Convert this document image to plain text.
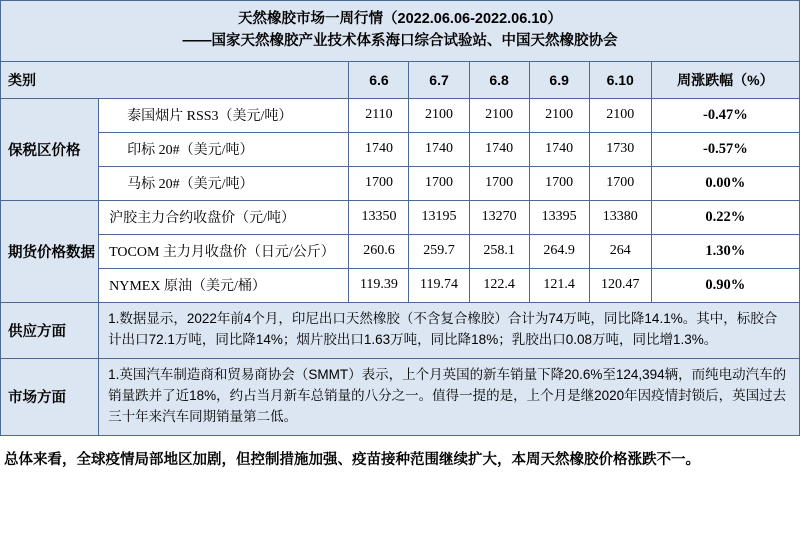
天然橡胶市场一周行情（2022.06.06-2022.06.10）
――国家天然橡胶产业技术体系海口综合试验站、中国天然橡胶协会							

类别		6.6	6.7	6.8	6.9	6.10	周涨跌幅（%）
保税区价格	泰国烟片 RSS3（美元/吨）	2110	2100	2100	2100	2100	-0.47%
	印标 20#（美元/吨）	1740	1740	1740	1740	1730	-0.57%
	马标 20#（美元/吨）	1700	1700	1700	1700	1700	0.00%
期货价格数据	沪胶主力合约收盘价（元/吨）	13350	13195	13270	13395	13380	0.22%
	TOCOM 主力月收盘价（日元/公斤）	260.6	259.7	258.1	264.9	264	1.30%
	NYMEX 原油（美元/桶）	119.39	119.74	122.4	121.4	120.47	0.90%
供应方面	1.数据显示，2022年前4个月，印尼出口天然橡胶（不含复合橡胶）合计为74万吨，同比降14.1%。其中，标胶合计出口72.1万吨，同比降14%；烟片胶出口1.63万吨，同比降18%；乳胶出口0.08万吨，同比增1.3%。						
市场方面	1.英国汽车制造商和贸易商协会（SMMT）表示，上个月英国的新车销量下降20.6%至124,394辆，而纯电动汽车的销量跌并了近18%，约占当月新车总销量的八分之一。值得一提的是，上个月是继2020年因疫情封锁后，英国过去三十年来汽车同期销量第二低。						
总体来看，全球疫情局部地区加剧，但控制措施加强、疫苗接种范围继续扩大，本周天然橡胶价格涨跌不一。
